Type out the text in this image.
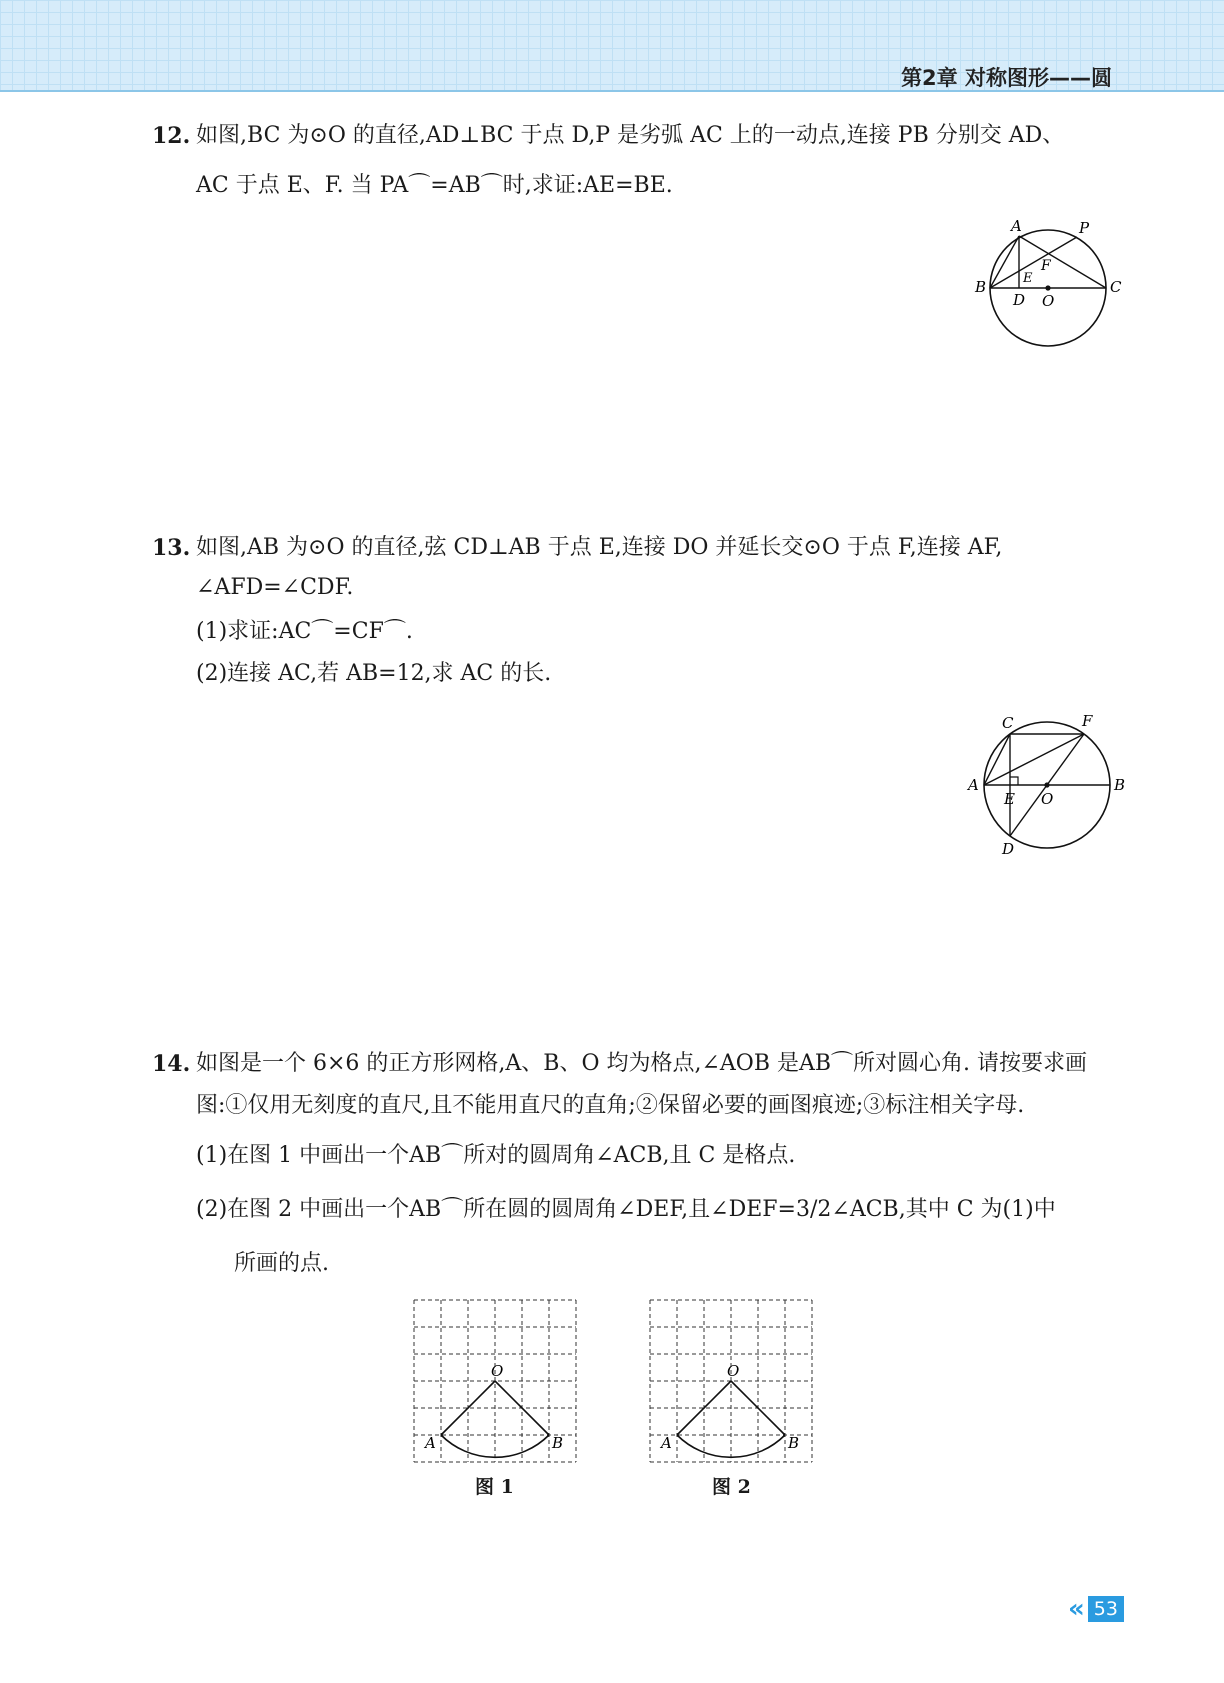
第2章 对称图形——圆
12. 如图,BC 为⊙O 的直径,AD⊥BC 于点 D,P 是劣弧 AC 上的一动点,连接 PB 分别交 AD、
AC 于点 E、F. 当 PA⌒=AB⌒时,求证:AE=BE.
A	P
F
E
B
D O
C
13. 如图,AB 为⊙O 的直径,弦 CD⊥AB 于点 E,连接 DO 并延长交⊙O 于点 F,连接 AF,
∠AFD=∠CDF.
(1)求证:AC⌒=CF⌒.
(2)连接 AC,若 AB=12,求 AC 的长.
C	F
A
E O
B
D
14. 如图是一个 6×6 的正方形网格,A、B、O 均为格点,∠AOB 是AB⌒所对圆心角. 请按要求画
图:①仅用无刻度的直尺,且不能用直尺的直角;②保留必要的画图痕迹;③标注相关字母.
(1)在图 1 中画出一个AB⌒所对的圆周角∠ACB,且 C 是格点.
(2)在图 2 中画出一个AB⌒所在圆的圆周角∠DEF,且∠DEF=3/2∠ACB,其中 C 为(1)中
所画的点.
O
A	B
图 1
O
A	B
图 2
« 53
